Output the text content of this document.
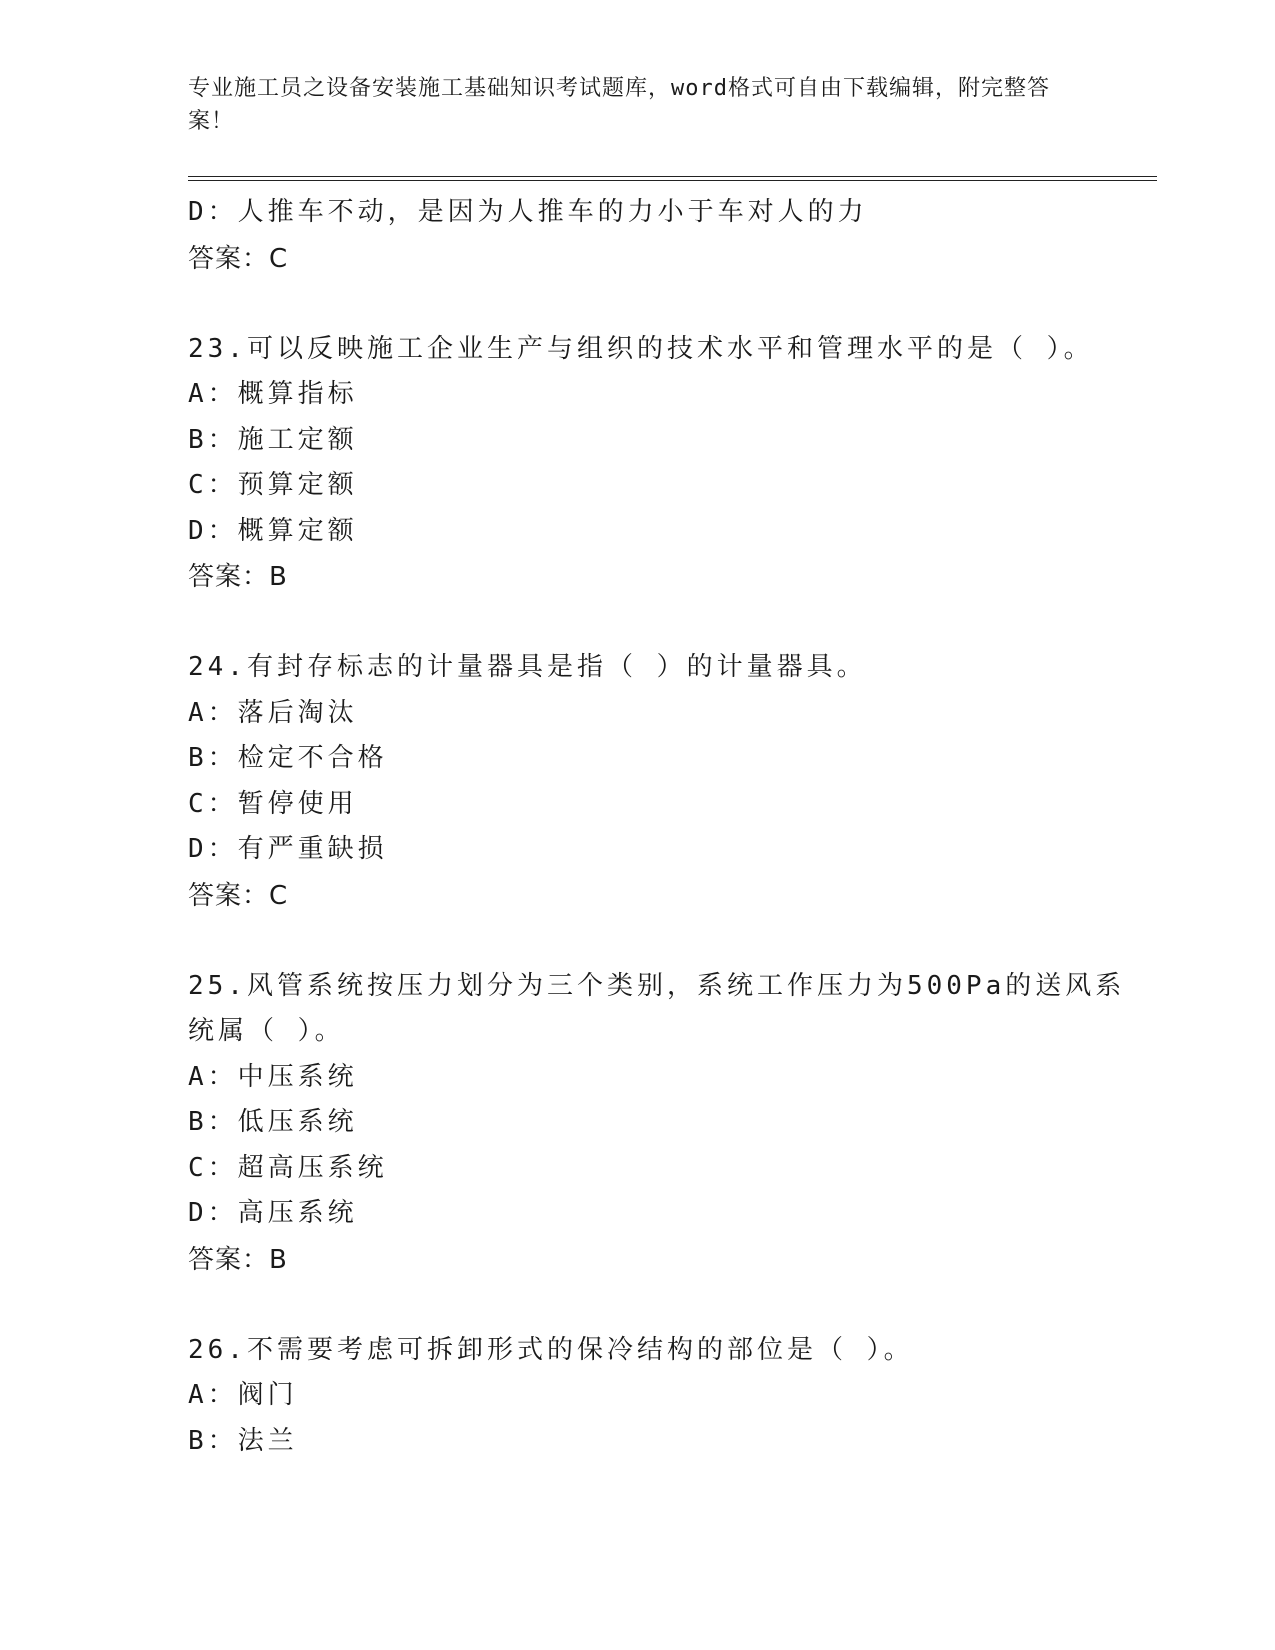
专业施工员之设备安装施工基础知识考试题库，word格式可自由下载编辑，附完整答案！
D：人推车不动，是因为人推车的力小于车对人的力
答案：C
23.可以反映施工企业生产与组织的技术水平和管理水平的是（ ）。
A：概算指标
B：施工定额
C：预算定额
D：概算定额
答案：B
24.有封存标志的计量器具是指（ ）的计量器具。
A：落后淘汰
B：检定不合格
C：暂停使用
D：有严重缺损
答案：C
25.风管系统按压力划分为三个类别，系统工作压力为500Pa的送风系
统属（ ）。
A：中压系统
B：低压系统
C：超高压系统
D：高压系统
答案：B
26.不需要考虑可拆卸形式的保冷结构的部位是（ ）。
A：阀门
B：法兰
